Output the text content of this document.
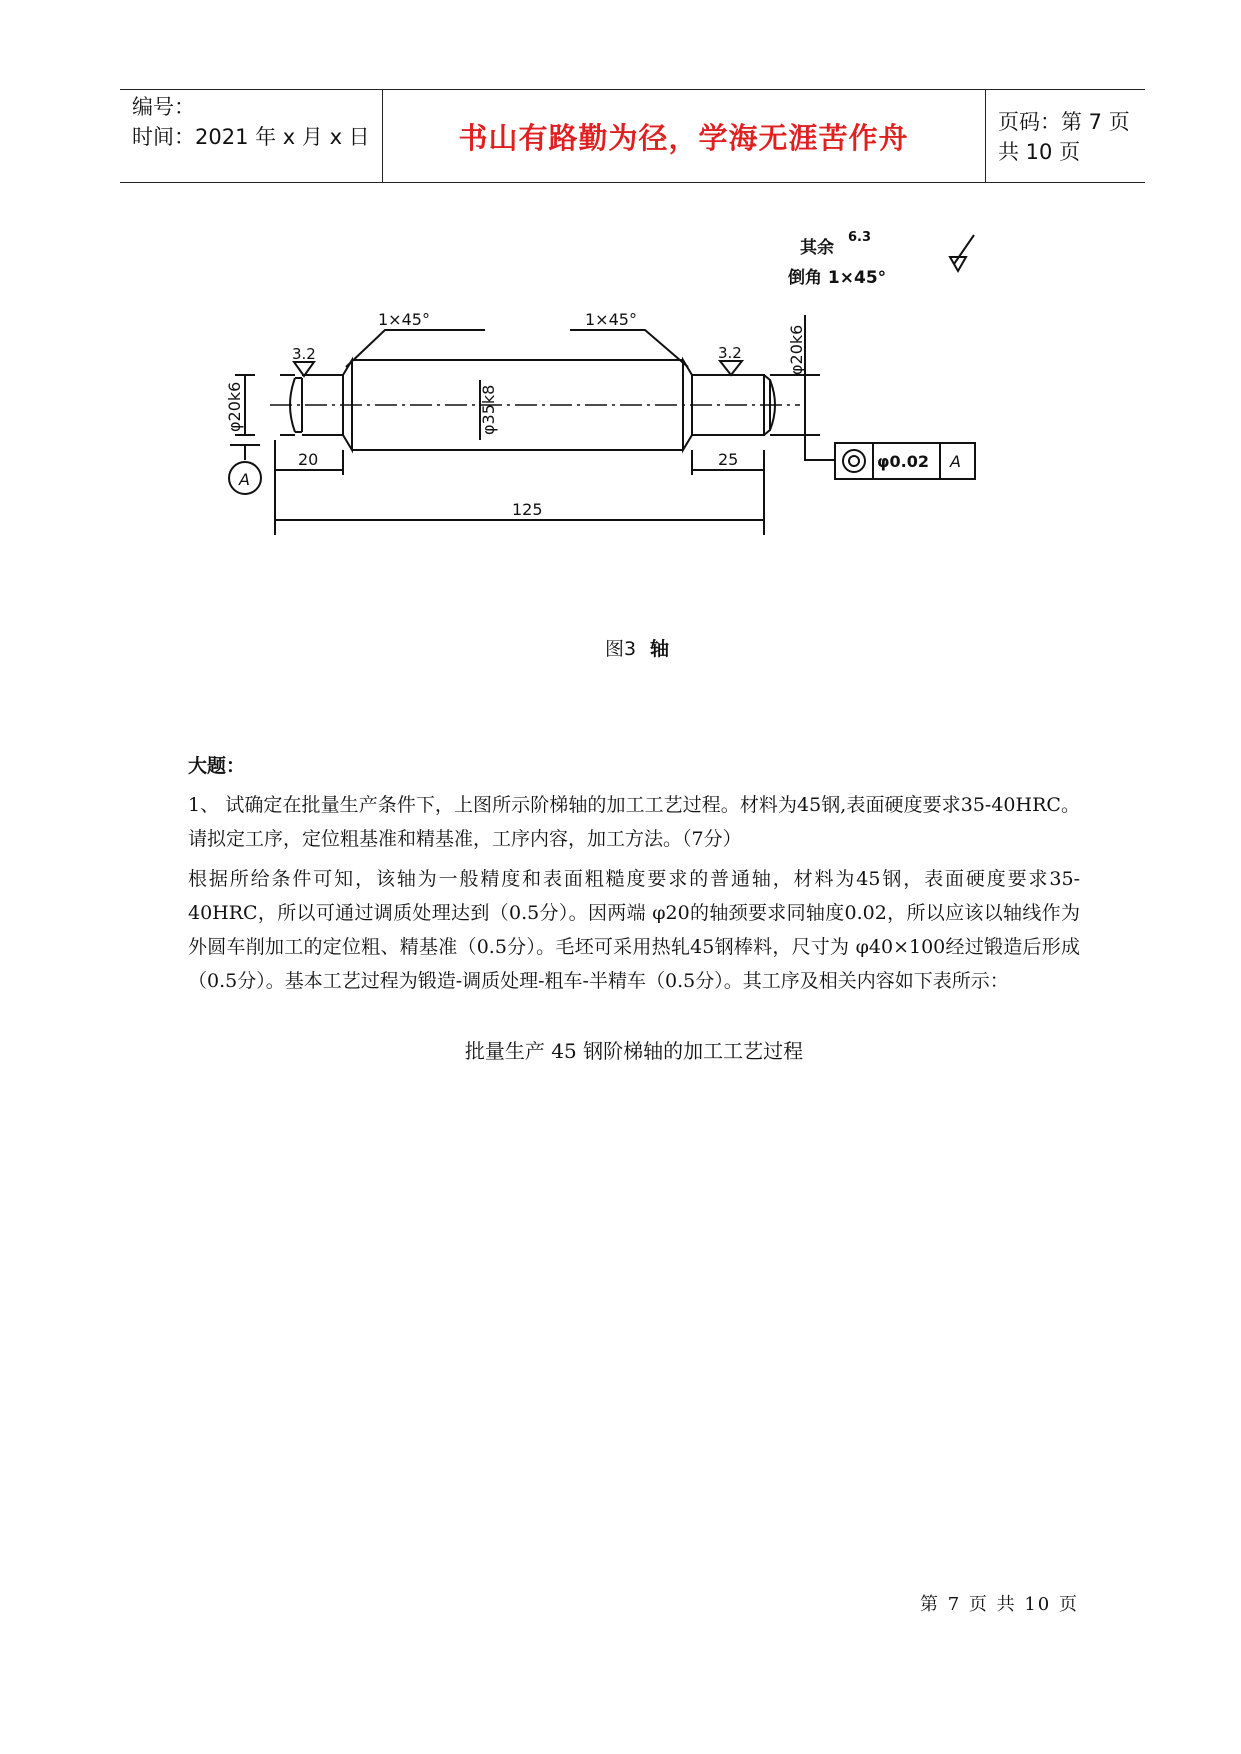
编号：
时间：2021 年 x 月 x 日	书山有路勤为径，学海无涯苦作舟	页码：第 7 页 共 10 页
其余
6.3
倒角 1×45°
1×45°	1×45°
3.2	3.2
φ20k6	φ35k8
φ20k6
A
20	25
125
φ0.02 A
图3 轴
大题：
1、 试确定在批量生产条件下，上图所示阶梯轴的加工工艺过程。材料为45钢,表面硬度要求35-40HRC。请拟定工序，定位粗基准和精基准，工序内容，加工方法。（7分）
根据所给条件可知，该轴为一般精度和表面粗糙度要求的普通轴，材料为45钢，表面硬度要求35-40HRC，所以可通过调质处理达到（0.5分）。因两端 φ20的轴颈要求同轴度0.02，所以应该以轴线作为外圆车削加工的定位粗、精基准（0.5分）。毛坯可采用热轧45钢棒料，尺寸为 φ40×100经过锻造后形成（0.5分）。基本工艺过程为锻造-调质处理-粗车-半精车（0.5分）。其工序及相关内容如下表所示：
批量生产 45 钢阶梯轴的加工工艺过程
第 7 页 共 10 页
